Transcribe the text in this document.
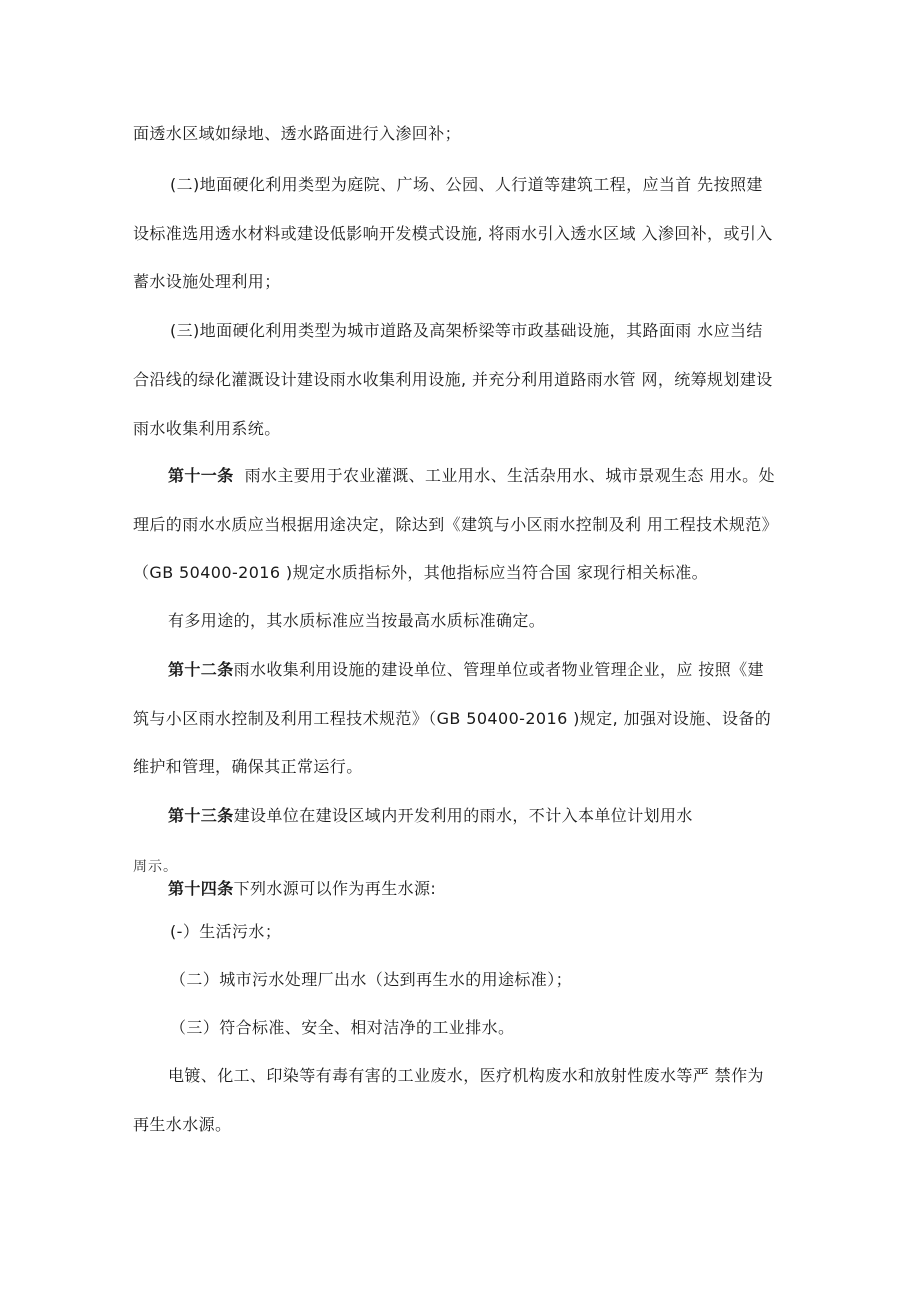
面透水区域如绿地、透水路面进行入渗回补；
(二)地面硬化利用类型为庭院、广场、公园、人行道等建筑工程，应当首 先按照建
设标准选用透水材料或建设低影响开发模式设施, 将雨水引入透水区域 入渗回补，或引入
蓄水设施处理利用；
(三)地面硬化利用类型为城市道路及高架桥梁等市政基础设施，其路面雨 水应当结
合沿线的绿化灌溉设计建设雨水收集利用设施, 并充分利用道路雨水管 网，统筹规划建设
雨水收集利用系统。
第十一条 雨水主要用于农业灌溉、工业用水、生活杂用水、城市景观生态 用水。处
理后的雨水水质应当根据用途决定，除达到《建筑与小区雨水控制及利 用工程技术规范》
（GB 50400-2016 )规定水质指标外，其他指标应当符合国 家现行相关标准。
有多用途的，其水质标准应当按最高水质标准确定。
第十二条雨水收集利用设施的建设单位、管理单位或者物业管理企业，应 按照《建
筑与小区雨水控制及利用工程技术规范》（GB 50400-2016 )规定, 加强对设施、设备的
维护和管理，确保其正常运行。
第十三条建设单位在建设区域内开发利用的雨水，不计入本单位计划用水
周示。
第十四条下列水源可以作为再生水源:
(-）生活污水；
（二）城市污水处理厂出水（达到再生水的用途标准）；
（三）符合标准、安全、相对洁净的工业排水。
电镀、化工、印染等有毒有害的工业废水，医疗机构废水和放射性废水等严 禁作为
再生水水源。
